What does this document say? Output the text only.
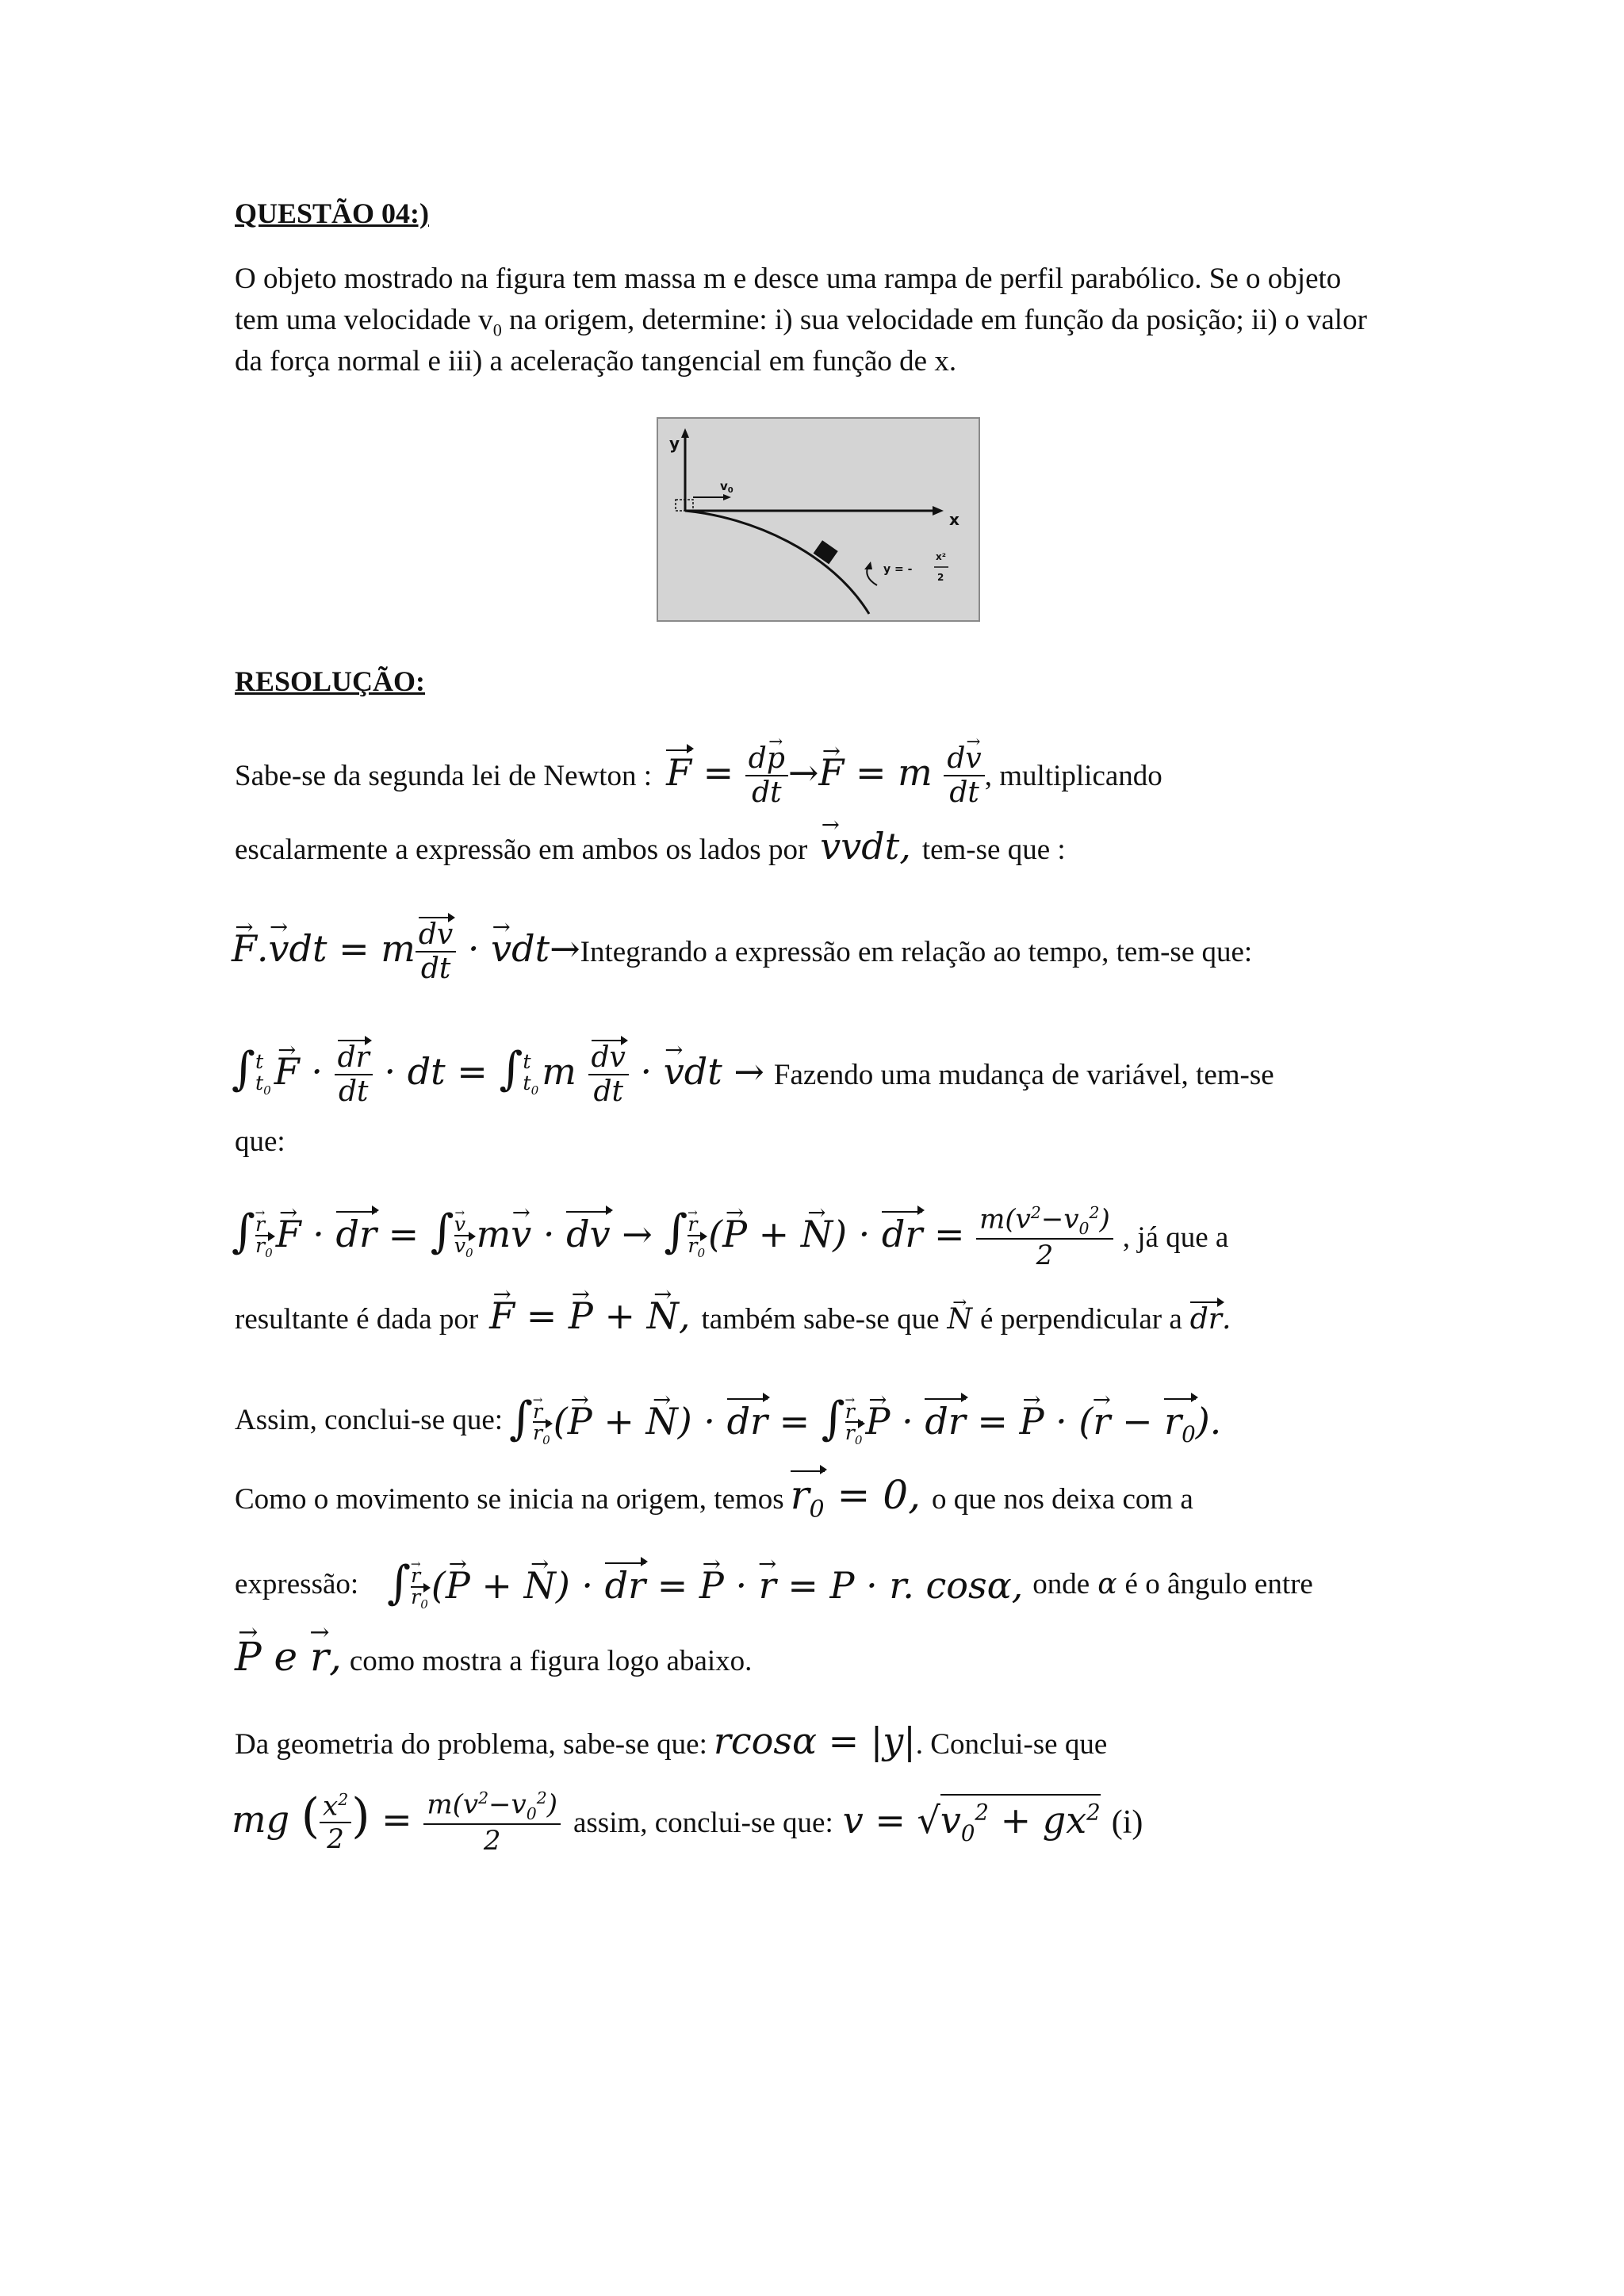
QUESTÃO 04:)
O objeto mostrado na figura tem massa m e desce uma rampa de perfil parabólico. Se o objeto
tem uma velocidade $v_0$ na origem, determine: i) sua velocidade em função da posição; ii) o valor
da força normal e iii) a aceleração tangencial em função de x.
y
x
$v_0$
y = -
x²
2
RESOLUÇÃO:
Sabe-se da segunda lei de Newton : $F = \frac{d\to p}{dt} \to\to F = m \frac{d\to v}{dt}$ , multiplicando
escalarmente a expressão em ambos os lados por → vvdt, tem-se que :
→ F.→ vdt = m $\frac{dv}{dt}$ · → vdt→ Integrando a expressão em relação ao tempo, tem-se que:
∫t
$t_0\to F \cdot \frac{dr}{dt}$ · dt = ∫t
$t_0m \frac{dv}{dt}$ · → vdt → Fazendo uma mudança de variável, tem-se
que:
∫→ r
$r_0\to F$ · dr = ∫→ v
$v_0m\to v$ · dv → ∫→ r
$r_0(\to P$ + → N) · dr = $\frac{m(v^2-v_0^2)}{2}$ , já que a
resultante é dada por → F = → P + → N, também sabe-se que → N é perpendicular a dr.
Assim, conclui-se que: ∫→ r
$r_0(\to P$ + → N) · dr = ∫→ r
$r_0\to P$ · dr = → P · (→ $r - r_0$).
Como o movimento se inicia na origem, temos $r_0 = 0$, o que nos deixa com a
expressão: ∫→ r
$r_0(\to P$ + → N) · dr = → P · → r = P · r. cosα, onde α é o ângulo entre
→ P e → r, como mostra a figura logo abaixo.
Da geometria do problema, sabe-se que: rcosα = |y| . Conclui-se que
mg ( $\frac{x^2}{2}$ ) = $\frac{m(v^2-v_0^2)}{2}$ assim, conclui-se que: $v = √v_0^2 + gx^2$ (i)
